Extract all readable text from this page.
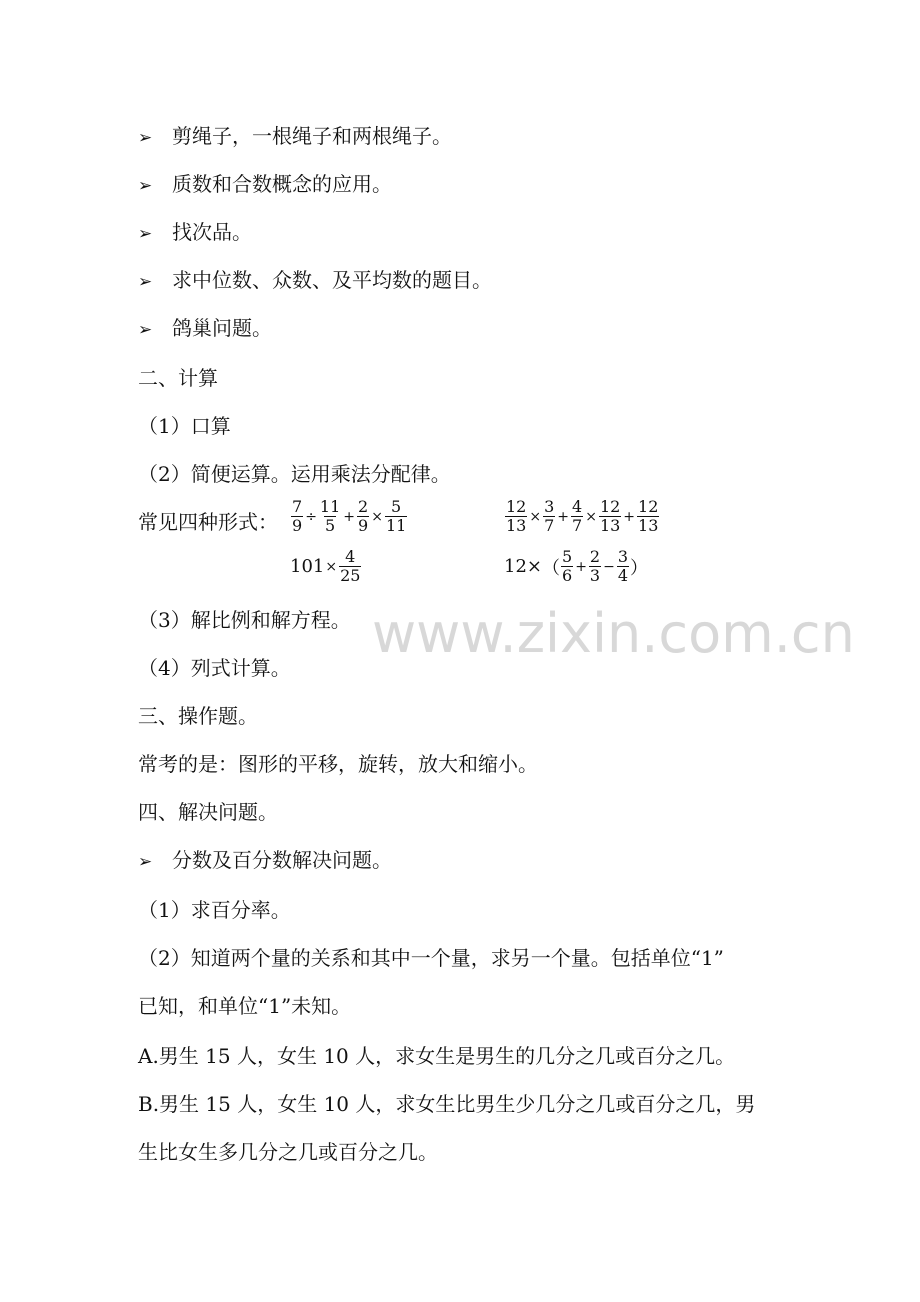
➢ 剪绳子，一根绳子和两根绳子。
➢ 质数和合数概念的应用。
➢ 找次品。
➢ 求中位数、众数、及平均数的题目。
➢ 鸽巢问题。
二、计算
（1）口算
（2）简便运算。运用乘法分配律。
常见四种形式： $\frac{7}{9} \div \frac{11}{5} + \frac{2}{9} \times \frac{5}{11}$	$\frac{12}{13} \times \frac{3}{7} + \frac{4}{7} \times \frac{12}{13} + \frac{12}{13}$
$101\times \frac{4}{25}$	$12\times( \frac{5}{6} + \frac{2}{3} - \frac{3}{4}$ ）
（3）解比例和解方程。
（4）列式计算。
www.zixin.com.cn
三、操作题。
常考的是：图形的平移，旋转，放大和缩小。
四、解决问题。
➢ 分数及百分数解决问题。
（1）求百分率。
（2）知道两个量的关系和其中一个量，求另一个量。包括单位“1”
已知，和单位“1”未知。
A.男生 15 人，女生 10 人，求女生是男生的几分之几或百分之几。
B.男生 15 人，女生 10 人，求女生比男生少几分之几或百分之几，男
生比女生多几分之几或百分之几。
